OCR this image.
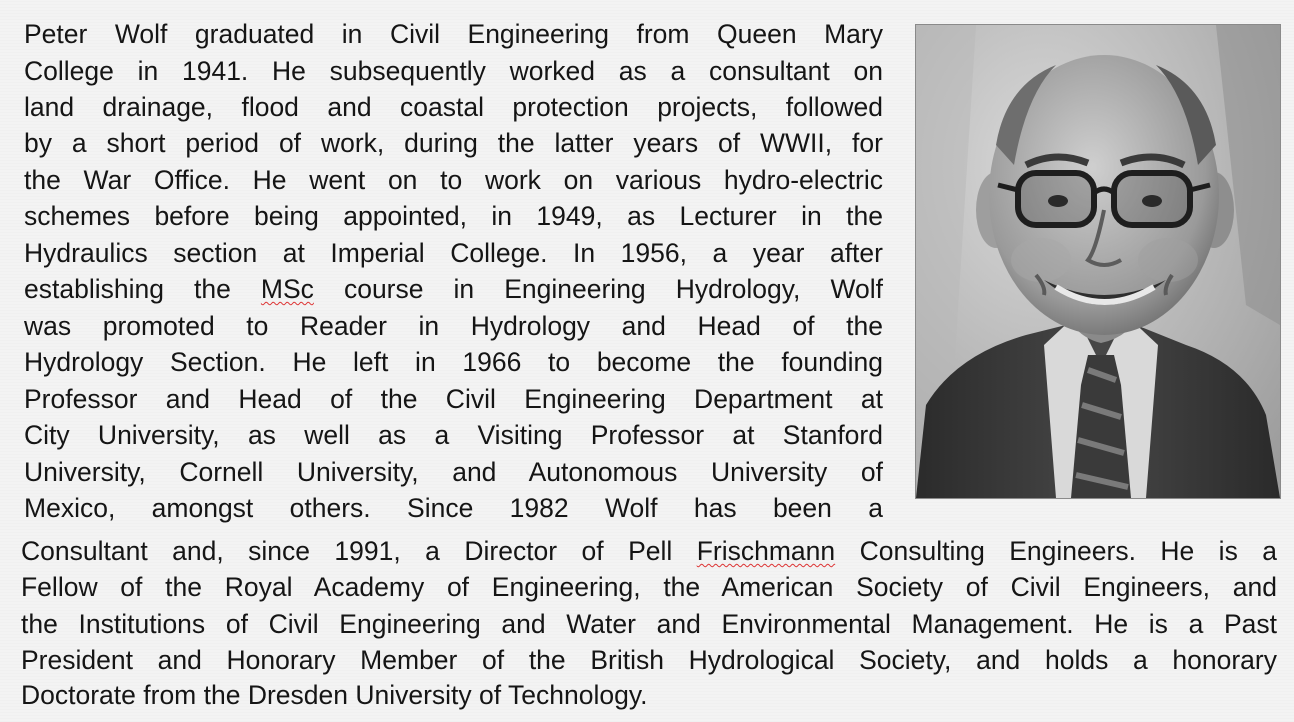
Peter Wolf graduated in Civil Engineering from Queen Mary
College in 1941. He subsequently worked as a consultant on
land drainage, flood and coastal protection projects, followed
by a short period of work, during the latter years of WWII, for
the War Office. He went on to work on various hydro-electric
schemes before being appointed, in 1949, as Lecturer in the
Hydraulics section at Imperial College. In 1956, a year after
establishing the MSc course in Engineering Hydrology, Wolf
was promoted to Reader in Hydrology and Head of the
Hydrology Section. He left in 1966 to become the founding
Professor and Head of the Civil Engineering Department at
City University, as well as a Visiting Professor at Stanford
University, Cornell University, and Autonomous University of
Mexico, amongst others. Since 1982 Wolf has been a
Consultant and, since 1991, a Director of Pell Frischmann Consulting Engineers. He is a
Fellow of the Royal Academy of Engineering, the American Society of Civil Engineers, and
the Institutions of Civil Engineering and Water and Environmental Management. He is a Past
President and Honorary Member of the British Hydrological Society, and holds a honorary
Doctorate from the Dresden University of Technology.
